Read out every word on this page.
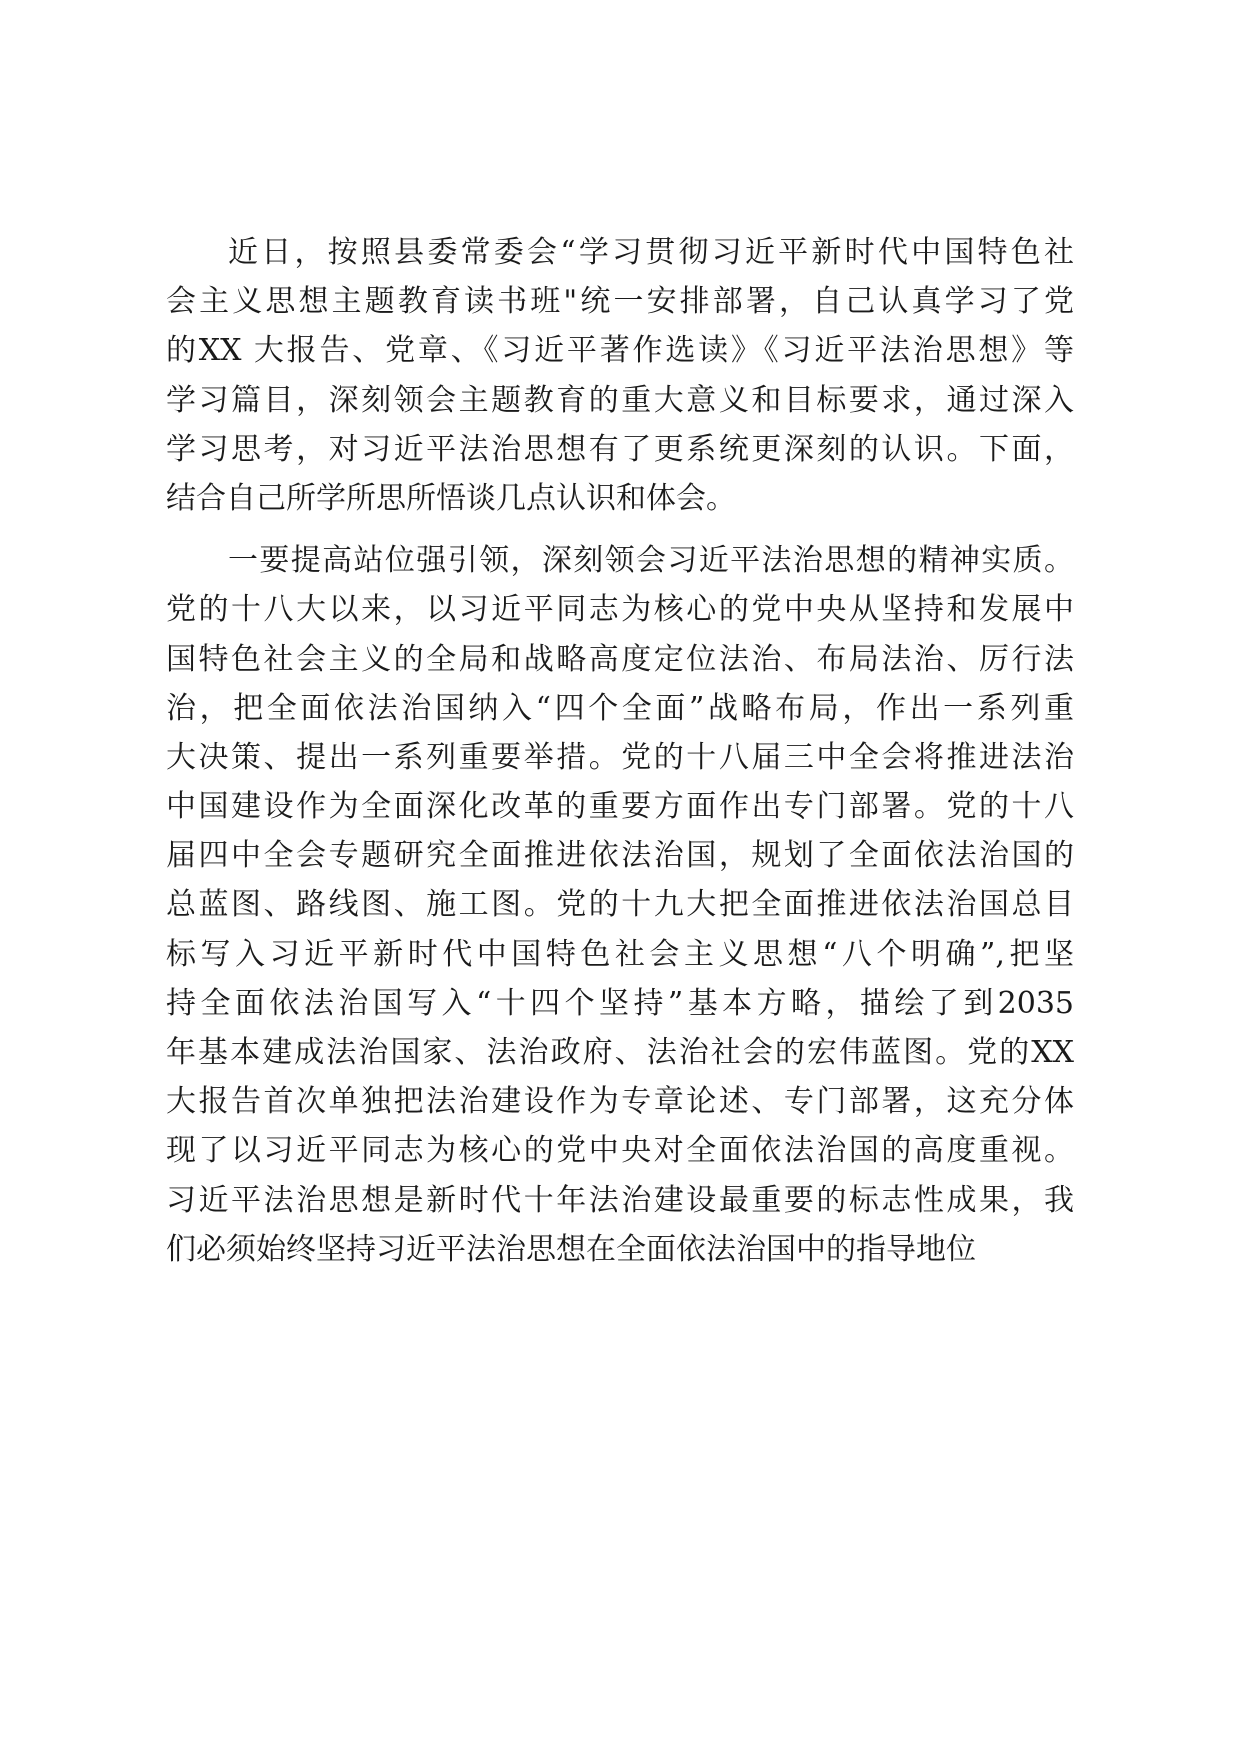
近日，按照县委常委会“学习贯彻习近平新时代中国特色社
会主义思想主题教育读书班"统一安排部署，自己认真学习了党
的XX 大报告、党章、《习近平著作选读》《习近平法治思想》等
学习篇目，深刻领会主题教育的重大意义和目标要求，通过深入
学习思考，对习近平法治思想有了更系统更深刻的认识。下面，
结合自己所学所思所悟谈几点认识和体会。
一要提高站位强引领，深刻领会习近平法治思想的精神实质。
党的十八大以来，以习近平同志为核心的党中央从坚持和发展中
国特色社会主义的全局和战略高度定位法治、布局法治、厉行法
治，把全面依法治国纳入“四个全面”战略布局，作出一系列重
大决策、提出一系列重要举措。党的十八届三中全会将推进法治
中国建设作为全面深化改革的重要方面作出专门部署。党的十八
届四中全会专题研究全面推进依法治国，规划了全面依法治国的
总蓝图、路线图、施工图。党的十九大把全面推进依法治国总目
标写入习近平新时代中国特色社会主义思想“八个明确”,把坚
持全面依法治国写入“十四个坚持”基本方略，描绘了到2035
年基本建成法治国家、法治政府、法治社会的宏伟蓝图。党的XX
大报告首次单独把法治建设作为专章论述、专门部署，这充分体
现了以习近平同志为核心的党中央对全面依法治国的高度重视。
习近平法治思想是新时代十年法治建设最重要的标志性成果，我
们必须始终坚持习近平法治思想在全面依法治国中的指导地位
